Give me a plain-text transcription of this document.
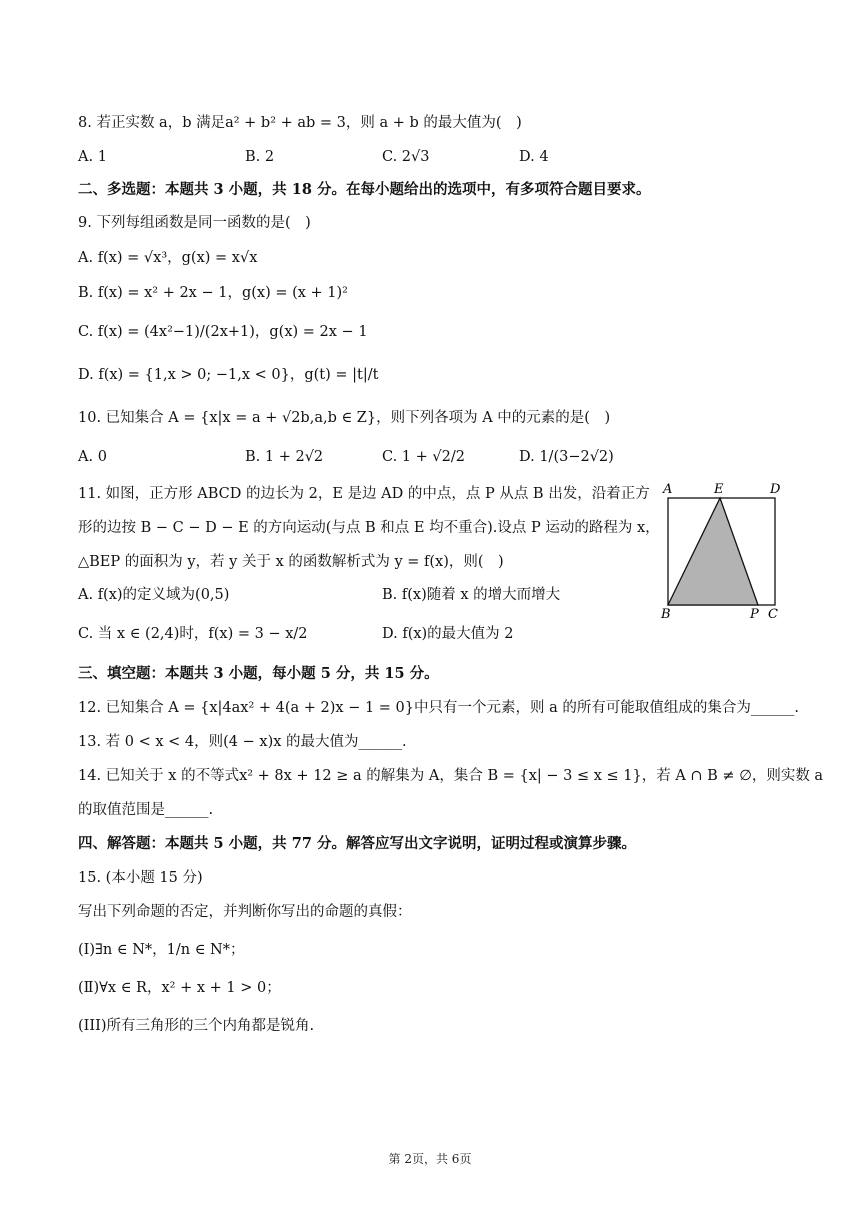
8. 若正实数 a，b 满足a² + b² + ab = 3，则 a + b 的最大值为(　)
A. 1	B. 2	C. 2√3	D. 4
二、多选题：本题共 3 小题，共 18 分。在每小题给出的选项中，有多项符合题目要求。
9. 下列每组函数是同一函数的是(　)
A. f(x) = √x³，g(x) = x√x
B. f(x) = x² + 2x − 1，g(x) = (x + 1)²
C. f(x) = (4x²−1)/(2x+1)，g(x) = 2x − 1
D. f(x) = {1,x > 0; −1,x < 0}，g(t) = |t|/t
10. 已知集合 A = {x|x = a + √2b,a,b ∈ Z}，则下列各项为 A 中的元素的是(　)
A. 0	B. 1 + 2√2	C. 1 + √2/2	D. 1/(3−2√2)
11. 如图，正方形 ABCD 的边长为 2，E 是边 AD 的中点，点 P 从点 B 出发，沿着正方
形的边按 B − C − D − E 的方向运动(与点 B 和点 E 均不重合).设点 P 运动的路程为 x，
△BEP 的面积为 y，若 y 关于 x 的函数解析式为 y = f(x)，则(　)
A. f(x)的定义域为(0,5)	B. f(x)随着 x 的增大而增大
C. 当 x ∈ (2,4)时，f(x) = 3 − x/2	D. f(x)的最大值为 2
A	E	D
B	P C
三、填空题：本题共 3 小题，每小题 5 分，共 15 分。
12. 已知集合 A = {x|4ax² + 4(a + 2)x − 1 = 0}中只有一个元素，则 a 的所有可能取值组成的集合为______.
13. 若 0 < x < 4，则(4 − x)x 的最大值为______.
14. 已知关于 x 的不等式x² + 8x + 12 ≥ a 的解集为 A，集合 B = {x| − 3 ≤ x ≤ 1}，若 A ∩ B ≠ ∅，则实数 a
的取值范围是______.
四、解答题：本题共 5 小题，共 77 分。解答应写出文字说明，证明过程或演算步骤。
15. (本小题 15 分)
写出下列命题的否定，并判断你写出的命题的真假：
(Ⅰ)∃n ∈ N*，1/n ∈ N*；
(Ⅱ)∀x ∈ R，x² + x + 1 > 0；
(III)所有三角形的三个内角都是锐角.
第 2页，共 6页
